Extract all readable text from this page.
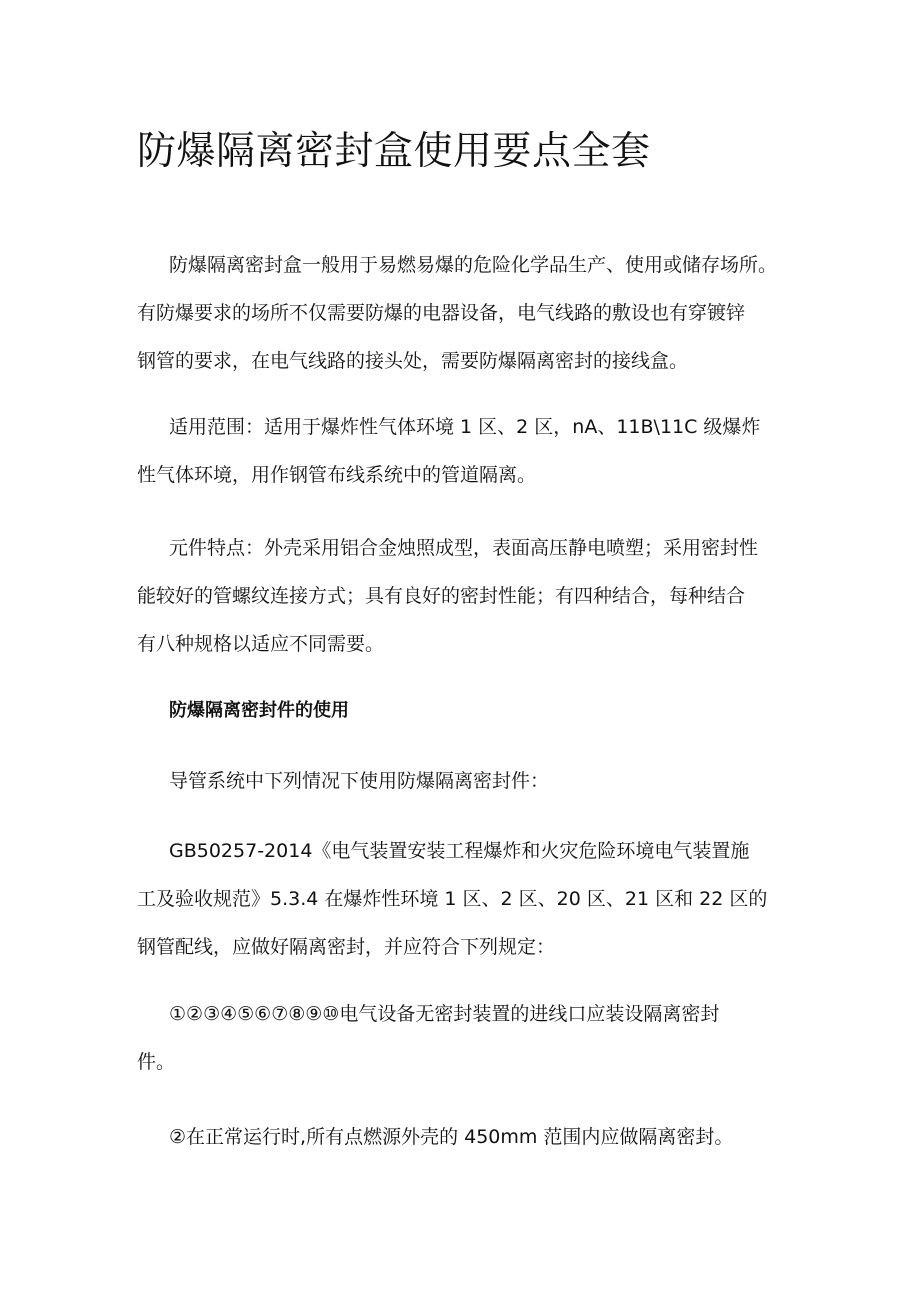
防爆隔离密封盒使用要点全套

防爆隔离密封盒一般用于易燃易爆的危险化学品生产、使用或储存场所。
有防爆要求的场所不仅需要防爆的电器设备，电气线路的敷设也有穿镀锌
钢管的要求，在电气线路的接头处，需要防爆隔离密封的接线盒。

适用范围：适用于爆炸性气体环境 1 区、2 区，nA、11B\11C 级爆炸
性气体环境，用作钢管布线系统中的管道隔离。

元件特点：外壳采用铝合金烛照成型，表面高压静电喷塑；采用密封性
能较好的管螺纹连接方式；具有良好的密封性能；有四种结合，每种结合
有八种规格以适应不同需要。

防爆隔离密封件的使用

导管系统中下列情况下使用防爆隔离密封件：

GB50257-2014《电气装置安装工程爆炸和火灾危险环境电气装置施
工及验收规范》5.3.4 在爆炸性环境 1 区、2 区、20 区、21 区和 22 区的
钢管配线，应做好隔离密封，并应符合下列规定：

①②③④⑤⑥⑦⑧⑨⑩电气设备无密封装置的进线口应装设隔离密封
件。

②在正常运行时,所有点燃源外壳的 450mm 范围内应做隔离密封。
